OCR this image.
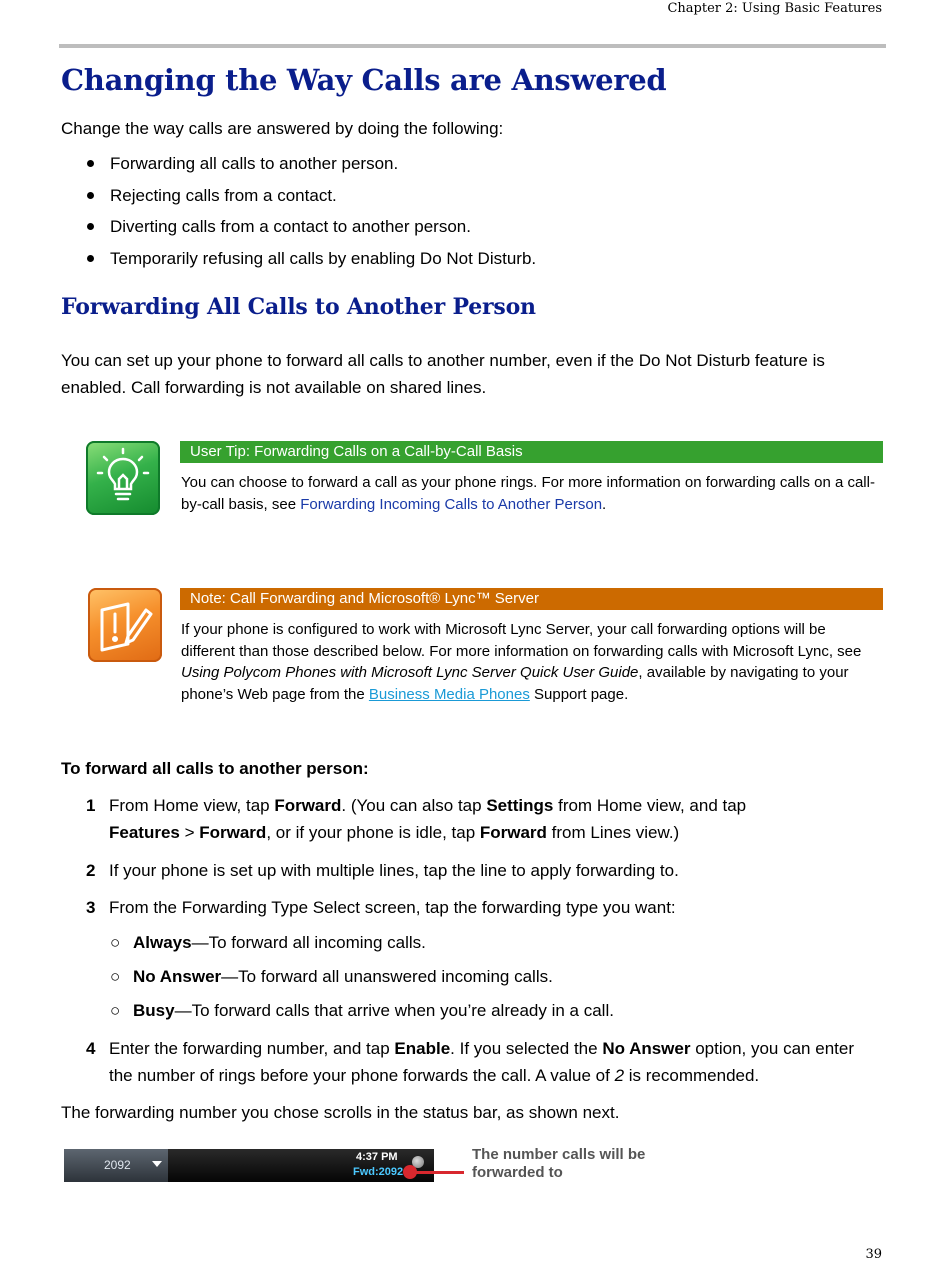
Chapter 2: Using Basic Features
Changing the Way Calls are Answered
Change the way calls are answered by doing the following:
Forwarding all calls to another person.
Rejecting calls from a contact.
Diverting calls from a contact to another person.
Temporarily refusing all calls by enabling Do Not Disturb.
Forwarding All Calls to Another Person
You can set up your phone to forward all calls to another number, even if the Do Not Disturb feature is enabled. Call forwarding is not available on shared lines.
User Tip: Forwarding Calls on a Call-by-Call Basis
You can choose to forward a call as your phone rings. For more information on forwarding calls on a call-by-call basis, see Forwarding Incoming Calls to Another Person.
Note: Call Forwarding and Microsoft® Lync™ Server
If your phone is configured to work with Microsoft Lync Server, your call forwarding options will be different than those described below. For more information on forwarding calls with Microsoft Lync, see Using Polycom Phones with Microsoft Lync Server Quick User Guide, available by navigating to your phone’s Web page from the Business Media Phones Support page.
To forward all calls to another person:
1 From Home view, tap Forward. (You can also tap Settings from Home view, and tap
Features > Forward, or if your phone is idle, tap Forward from Lines view.)
2 If your phone is set up with multiple lines, tap the line to apply forwarding to.
3 From the Forwarding Type Select screen, tap the forwarding type you want:
○ Always—To forward all incoming calls.
○ No Answer—To forward all unanswered incoming calls.
○ Busy—To forward calls that arrive when you’re already in a call.
4 Enter the forwarding number, and tap Enable. If you selected the No Answer option, you can enter the number of rings before your phone forwards the call. A value of 2 is recommended.
The forwarding number you chose scrolls in the status bar, as shown next.
2092
4:37 PM
Fwd:2092
The number calls will be forwarded to
39
